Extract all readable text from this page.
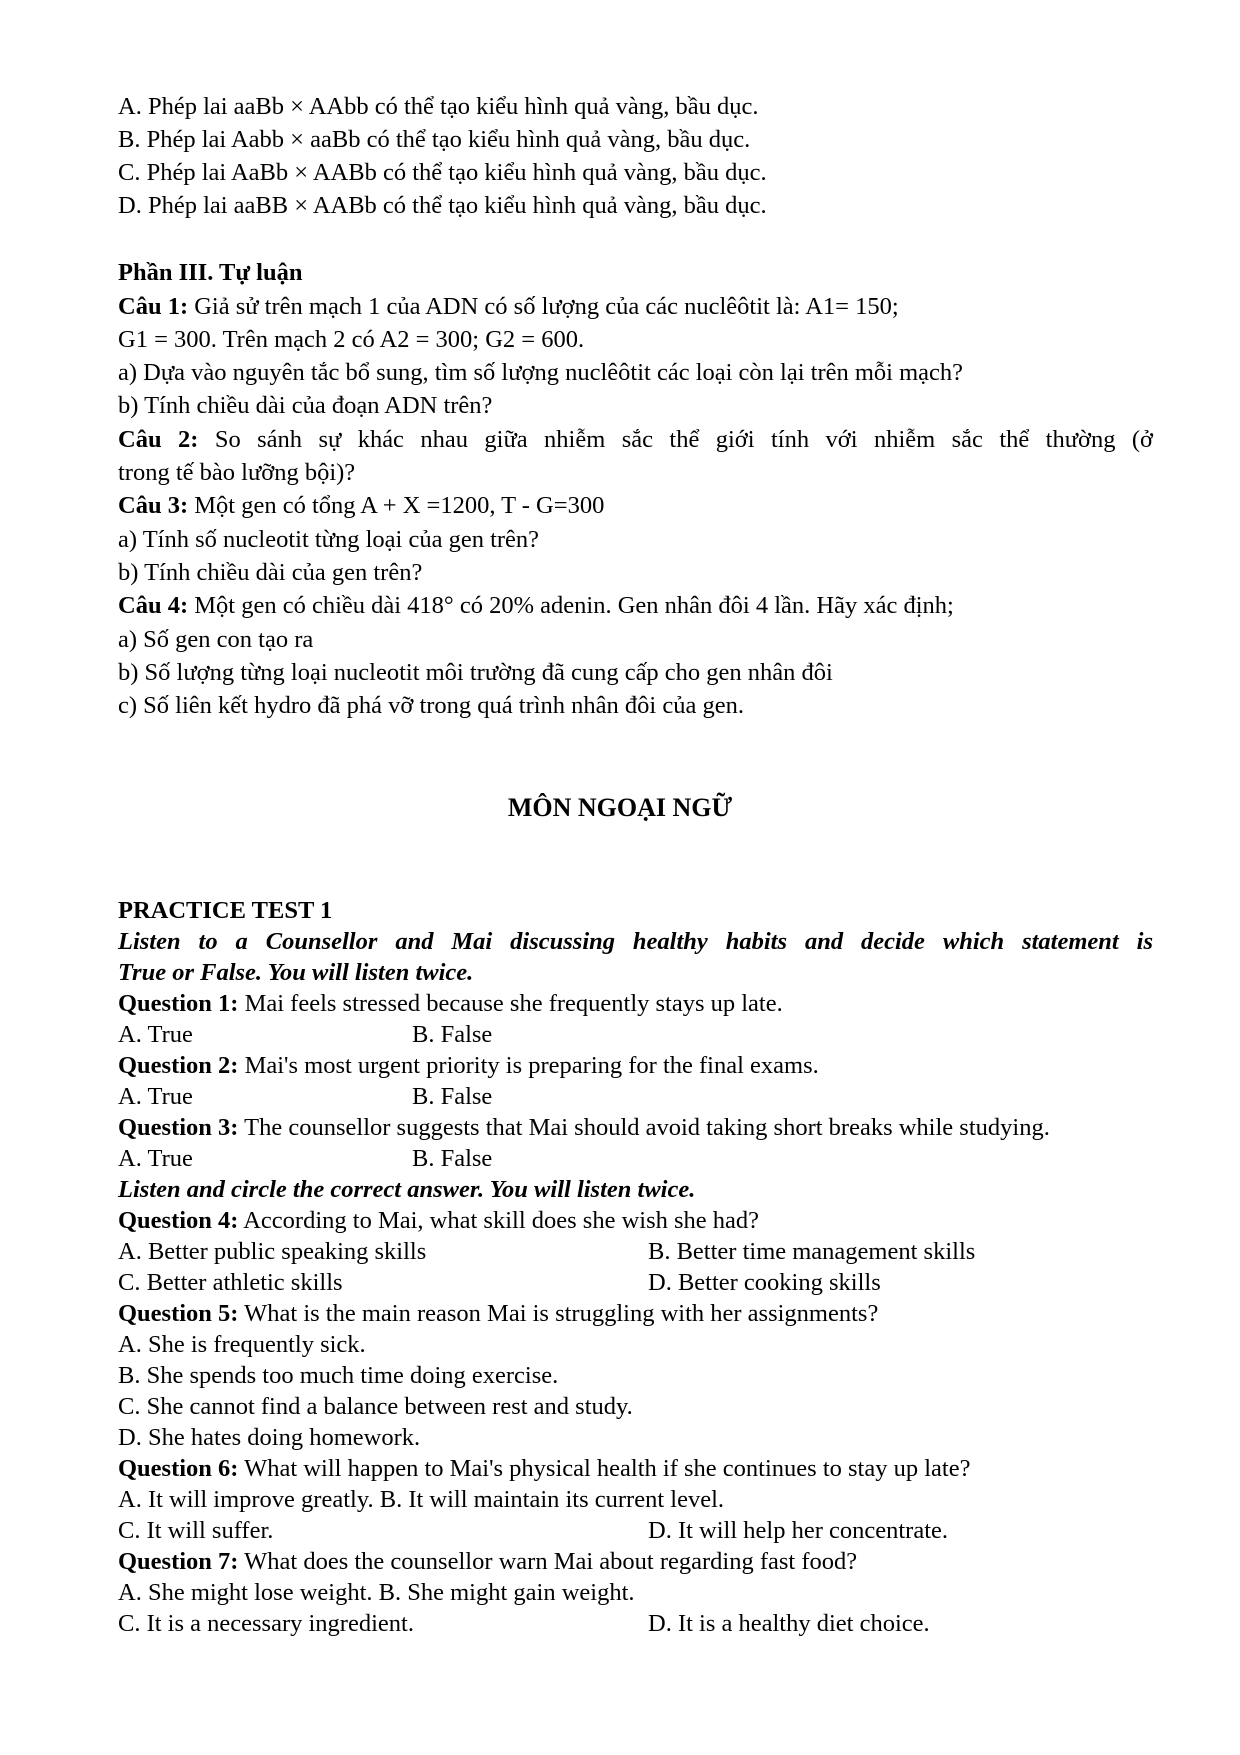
A. Phép lai aaBb × AAbb có thể tạo kiểu hình quả vàng, bầu dục.
B. Phép lai Aabb × aaBb có thể tạo kiểu hình quả vàng, bầu dục.
C. Phép lai AaBb × AABb có thể tạo kiểu hình quả vàng, bầu dục.
D. Phép lai aaBB × AABb có thể tạo kiểu hình quả vàng, bầu dục.
Phần III. Tự luận
Câu 1: Giả sử trên mạch 1 của ADN có số lượng của các nuclêôtit là: A1= 150;
G1 = 300. Trên mạch 2 có A2 = 300; G2 = 600.
a) Dựa vào nguyên tắc bổ sung, tìm số lượng nuclêôtit các loại còn lại trên mỗi mạch?
b) Tính chiều dài của đoạn ADN trên?
Câu 2: So sánh sự khác nhau giữa nhiễm sắc thể giới tính với nhiễm sắc thể thường (ở
trong tế bào lưỡng bội)?
Câu 3: Một gen có tổng A + X =1200, T - G=300
a) Tính số nucleotit từng loại của gen trên?
b) Tính chiều dài của gen trên?
Câu 4: Một gen có chiều dài 418° có 20% adenin. Gen nhân đôi 4 lần. Hãy xác định;
a) Số gen con tạo ra
b) Số lượng từng loại nucleotit môi trường đã cung cấp cho gen nhân đôi
c) Số liên kết hydro đã phá vỡ trong quá trình nhân đôi của gen.
MÔN NGOẠI NGỮ
PRACTICE TEST 1
Listen to a Counsellor and Mai discussing healthy habits and decide which statement is
True or False. You will listen twice.
Question 1: Mai feels stressed because she frequently stays up late.
A. True	B. False
Question 2: Mai's most urgent priority is preparing for the final exams.
A. True	B. False
Question 3: The counsellor suggests that Mai should avoid taking short breaks while studying.
A. True	B. False
Listen and circle the correct answer. You will listen twice.
Question 4: According to Mai, what skill does she wish she had?
A. Better public speaking skills	B. Better time management skills
C. Better athletic skills	D. Better cooking skills
Question 5: What is the main reason Mai is struggling with her assignments?
A. She is frequently sick.
B. She spends too much time doing exercise.
C. She cannot find a balance between rest and study.
D. She hates doing homework.
Question 6: What will happen to Mai's physical health if she continues to stay up late?
A. It will improve greatly. B. It will maintain its current level.
C. It will suffer.	D. It will help her concentrate.
Question 7: What does the counsellor warn Mai about regarding fast food?
A. She might lose weight. B. She might gain weight.
C. It is a necessary ingredient.	D. It is a healthy diet choice.
